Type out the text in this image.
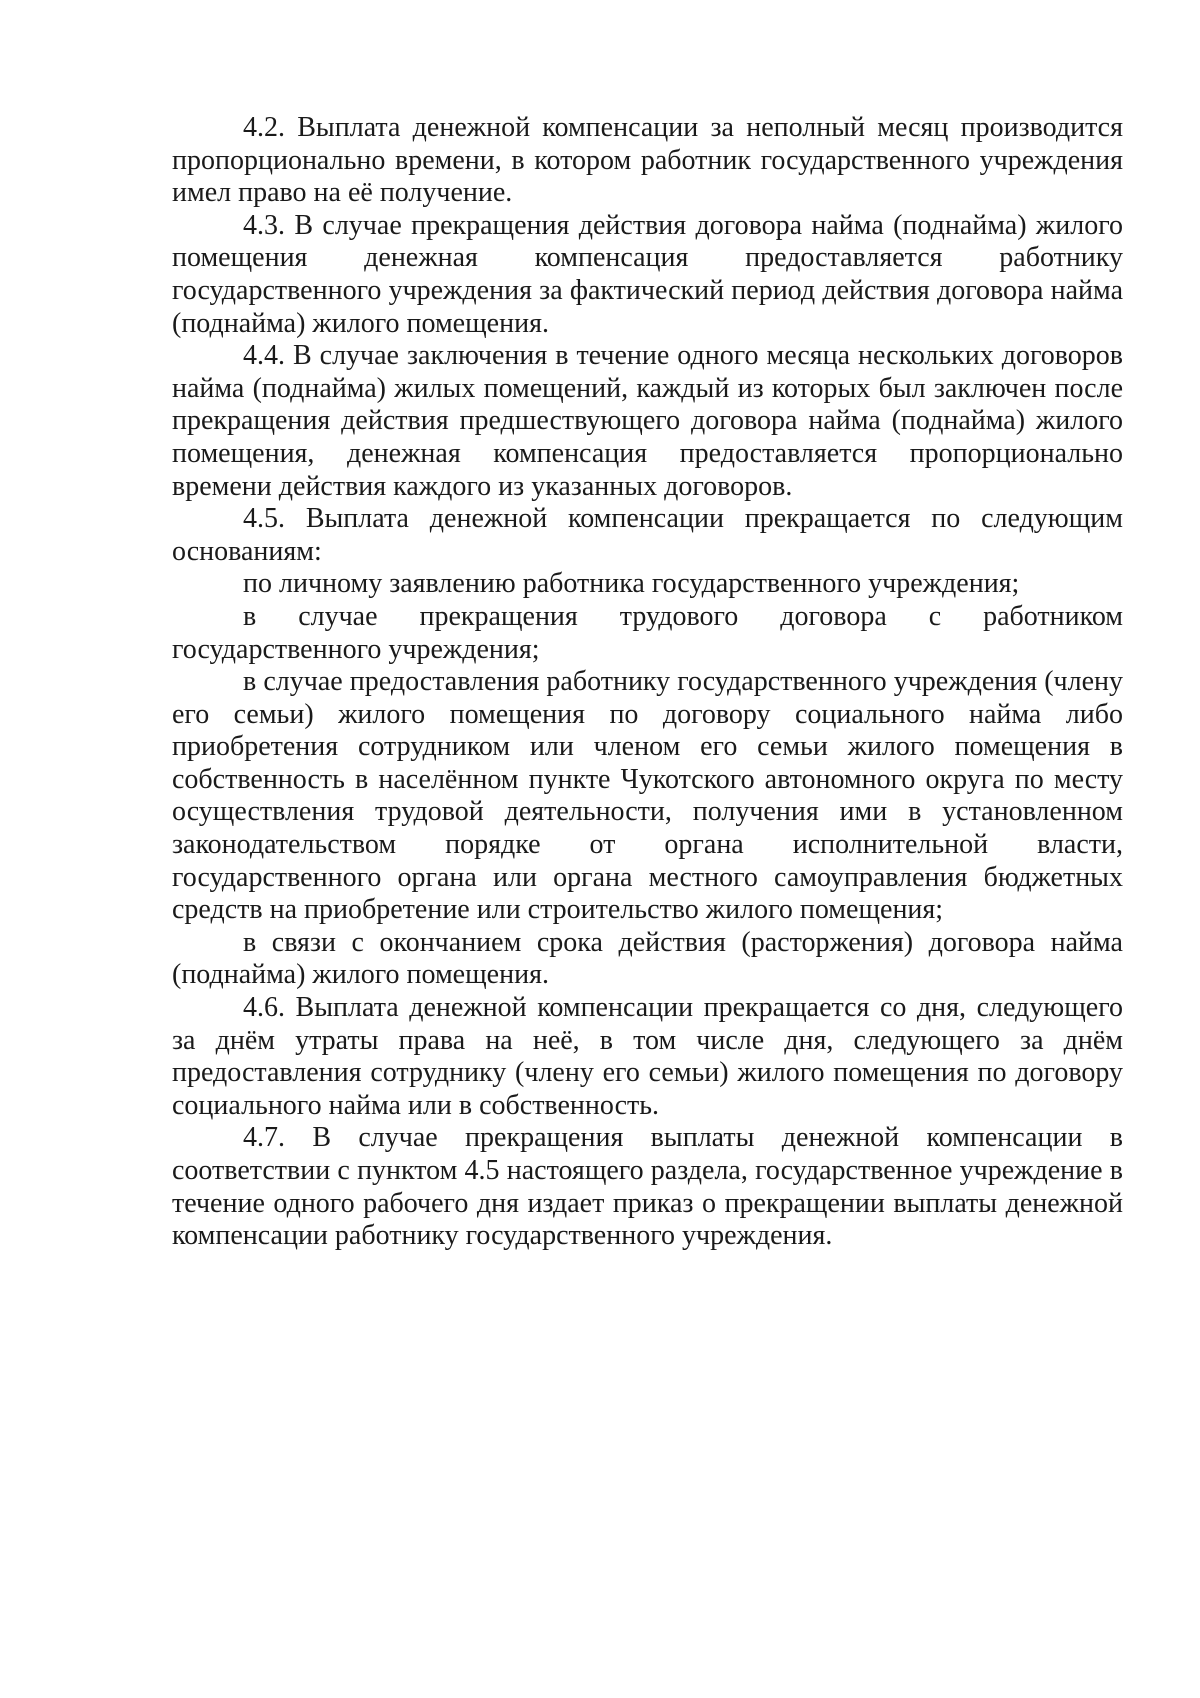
4.2. Выплата денежной компенсации за неполный месяц производится пропорционально времени, в котором работник государственного учреждения имел право на её получение.

4.3. В случае прекращения действия договора найма (поднайма) жилого помещения денежная компенсация предоставляется работнику государственного учреждения за фактический период действия договора найма (поднайма) жилого помещения.

4.4. В случае заключения в течение одного месяца нескольких договоров найма (поднайма) жилых помещений, каждый из которых был заключен после прекращения действия предшествующего договора найма (поднайма) жилого помещения, денежная компенсация предоставляется пропорционально времени действия каждого из указанных договоров.

4.5. Выплата денежной компенсации прекращается по следующим основаниям:

по личному заявлению работника государственного учреждения;

в случае прекращения трудового договора с работником государственного учреждения;

в случае предоставления работнику государственного учреждения (члену его семьи) жилого помещения по договору социального найма либо приобретения сотрудником или членом его семьи жилого помещения в собственность в населённом пункте Чукотского автономного округа по месту осуществления трудовой деятельности, получения ими в установленном законодательством порядке от органа исполнительной власти, государственного органа или органа местного самоуправления бюджетных средств на приобретение или строительство жилого помещения;

в связи с окончанием срока действия (расторжения) договора найма (поднайма) жилого помещения.

4.6. Выплата денежной компенсации прекращается со дня, следующего за днём утраты права на неё, в том числе дня, следующего за днём предоставления сотруднику (члену его семьи) жилого помещения по договору социального найма или в собственность.

4.7. В случае прекращения выплаты денежной компенсации в соответствии с пунктом 4.5 настоящего раздела, государственное учреждение в течение одного рабочего дня издает приказ о прекращении выплаты денежной компенсации работнику государственного учреждения.
